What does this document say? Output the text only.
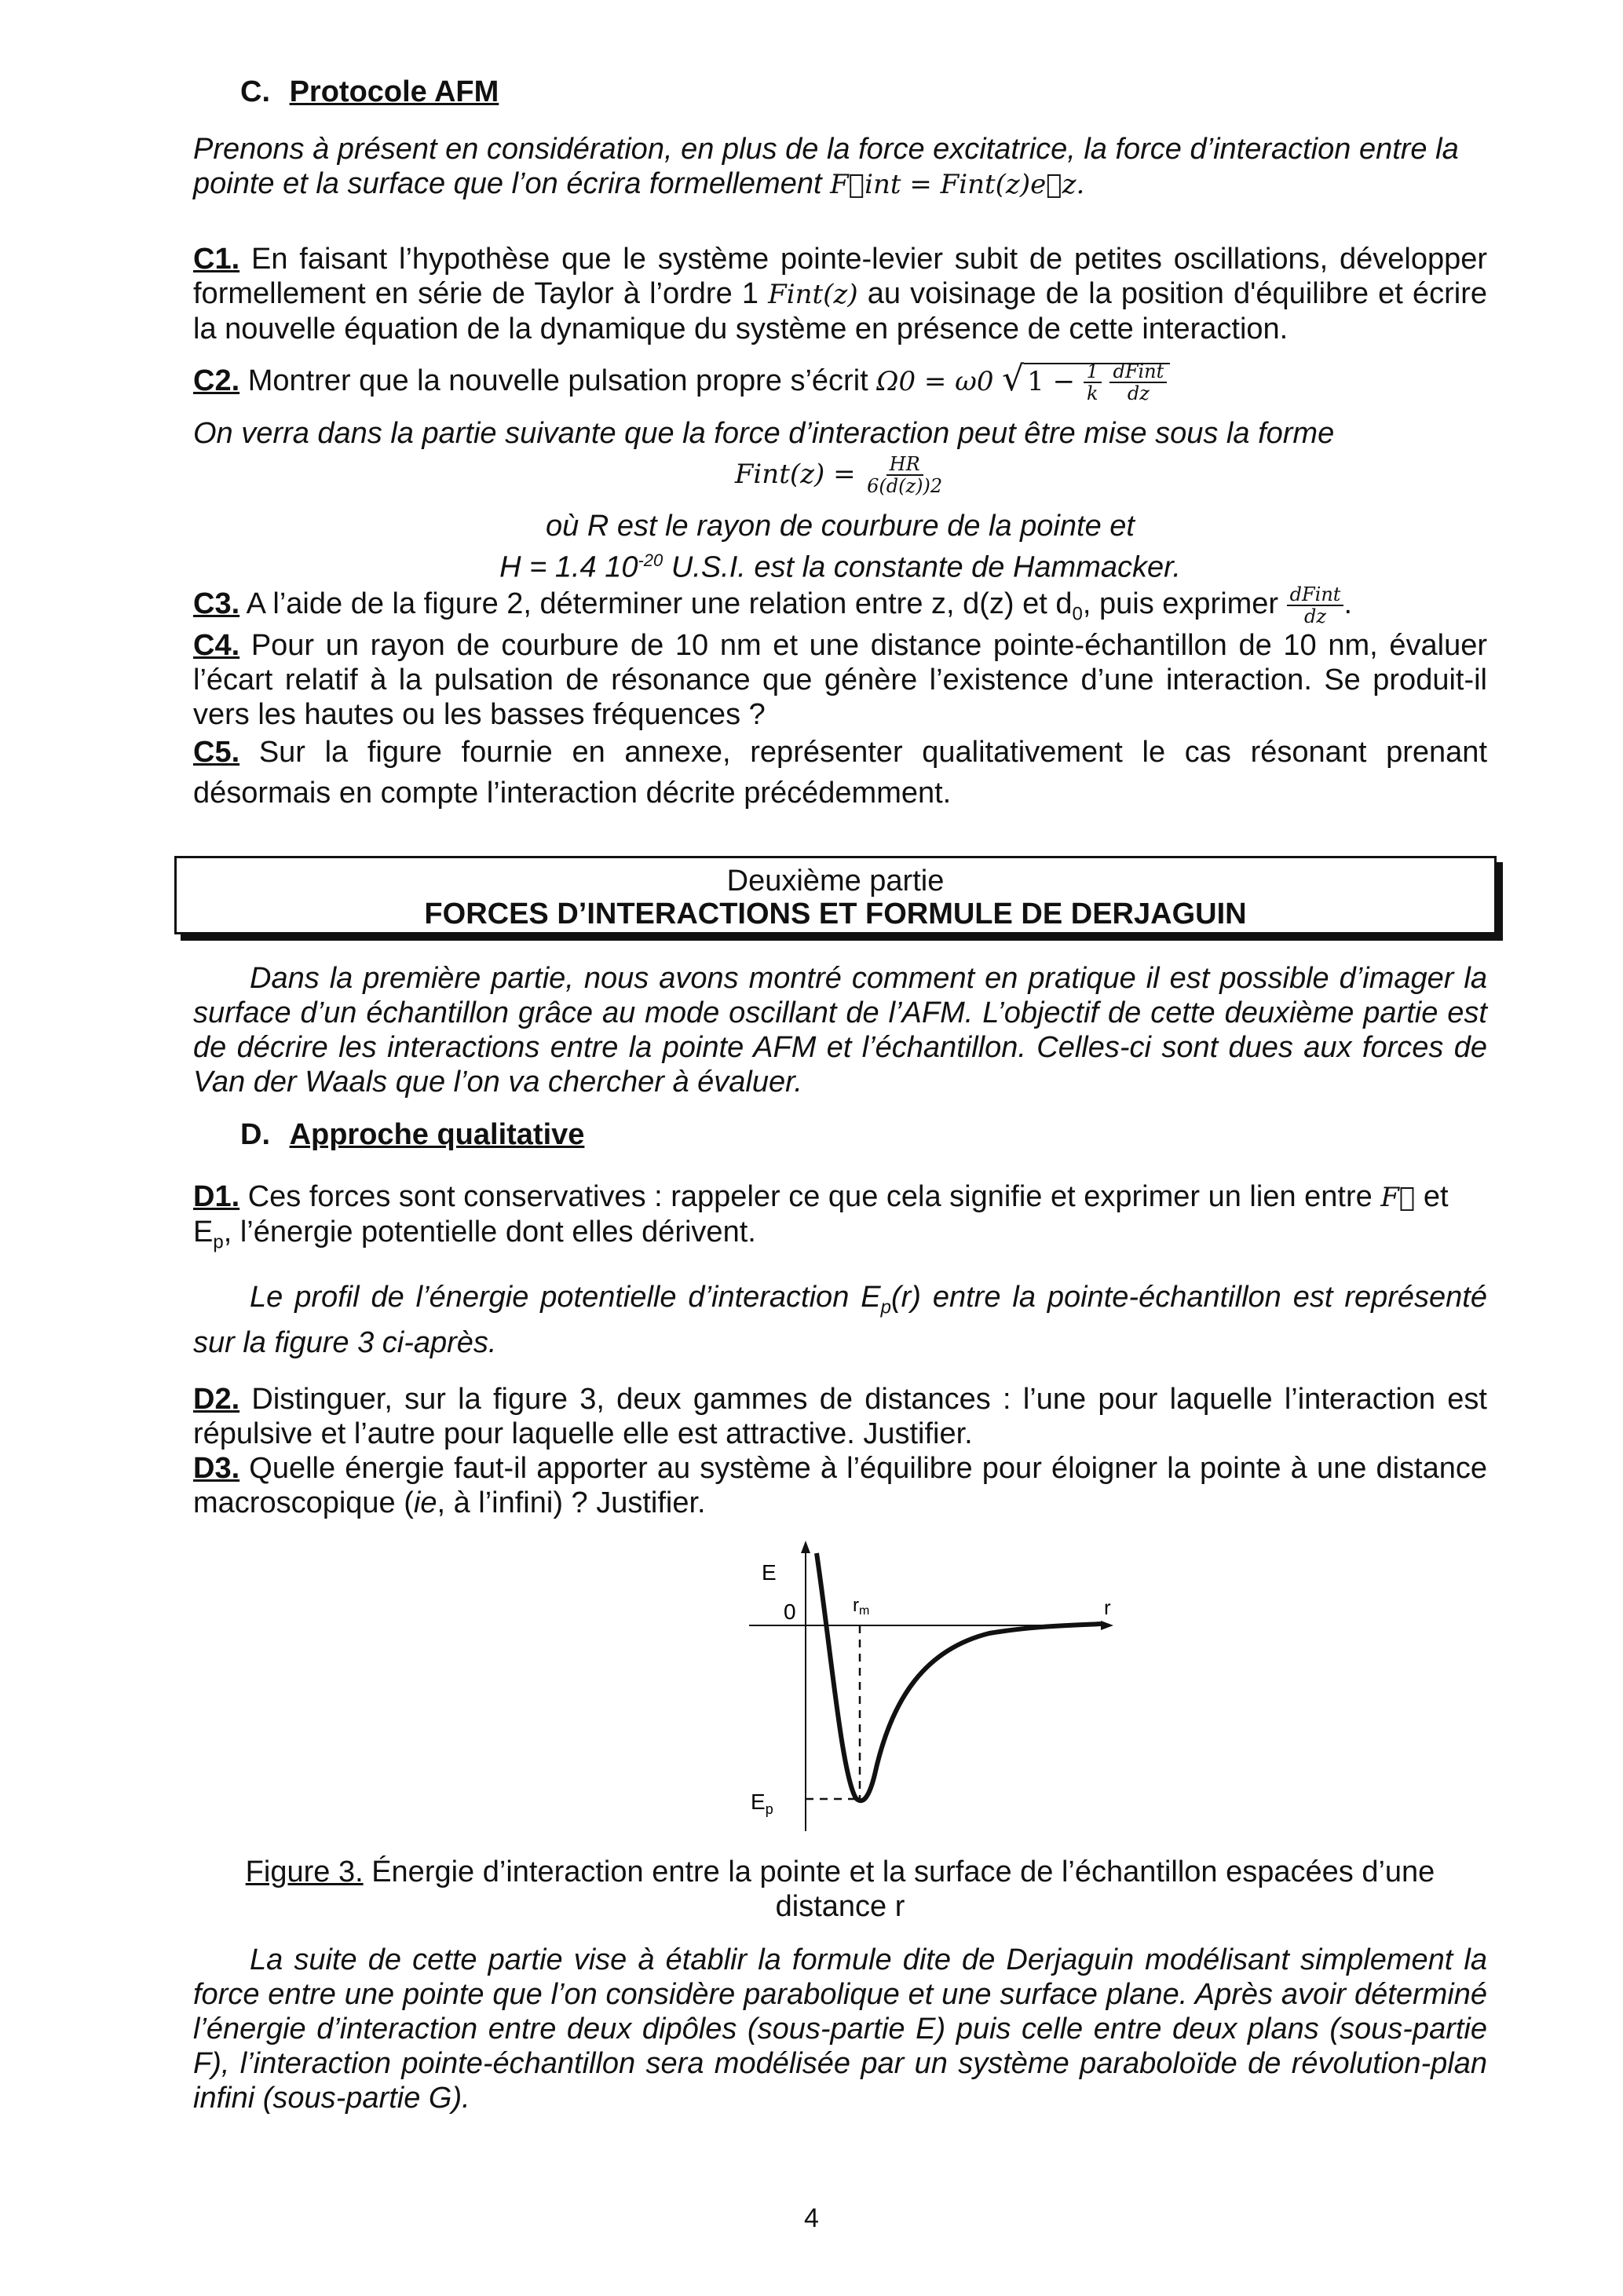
C. Protocole AFM
Prenons à présent en considération, en plus de la force excitatrice, la force d’interaction entre la
pointe et la surface que l’on écrira formellement F⃗int = Fint(z)e⃗z.
C1. En faisant l’hypothèse que le système pointe-levier subit de petites oscillations, développer formellement en série de Taylor à l’ordre 1 Fint(z) au voisinage de la position d'équilibre et écrire la nouvelle équation de la dynamique du système en présence de cette interaction.
C2. Montrer que la nouvelle pulsation propre s’écrit Ω0 = ω0 √ $1 - \frac{1}{k}$
$\frac{\text{dFint}}{dz}$
On verra dans la partie suivante que la force d’interaction peut être mise sous la forme
Fint(z) = $\frac{HR}{6(d(z))2}$
où R est le rayon de courbure de la pointe et
H = 1.4 $10^{-20}$ U.S.I. est la constante de Hammacker.
C3. A l’aide de la figure 2, déterminer une relation entre z, d(z) et $d_0$, puis exprimer $\frac{\text{dFint}}{dz}$ .
C4. Pour un rayon de courbure de 10 nm et une distance pointe-échantillon de 10 nm, évaluer l’écart relatif à la pulsation de résonance que génère l’existence d’une interaction. Se produit-il vers les hautes ou les basses fréquences ?
C5. Sur la figure fournie en annexe, représenter qualitativement le cas résonant prenant désormais en compte l’interaction décrite précédemment.
Deuxième partie
FORCES D’INTERACTIONS ET FORMULE DE DERJAGUIN
Dans la première partie, nous avons montré comment en pratique il est possible d’imager la surface d’un échantillon grâce au mode oscillant de l’AFM. L’objectif de cette deuxième partie est de décrire les interactions entre la pointe AFM et l’échantillon. Celles-ci sont dues aux forces de Van der Waals que l’on va chercher à évaluer.
D. Approche qualitative
D1. Ces forces sont conservatives : rappeler ce que cela signifie et exprimer un lien entre F⃗ et $E_p$, l’énergie potentielle dont elles dérivent.
Le profil de l’énergie potentielle d’interaction $E_p(r)$ entre la pointe-échantillon est représenté sur la figure 3 ci-après.
D2. Distinguer, sur la figure 3, deux gammes de distances : l’une pour laquelle l’interaction est répulsive et l’autre pour laquelle elle est attractive. Justifier.
D3. Quelle énergie faut-il apporter au système à l’équilibre pour éloigner la pointe à une distance macroscopique (ie, à l’infini) ? Justifier.
E
r
0	rm
$E_p$
Figure 3. Énergie d’interaction entre la pointe et la surface de l’échantillon espacées d’une
distance r
La suite de cette partie vise à établir la formule dite de Derjaguin modélisant simplement la force entre une pointe que l’on considère parabolique et une surface plane. Après avoir déterminé l’énergie d’interaction entre deux dipôles (sous-partie E) puis celle entre deux plans (sous-partie F), l’interaction pointe-échantillon sera modélisée par un système paraboloïde de révolution-plan infini (sous-partie G).
4
